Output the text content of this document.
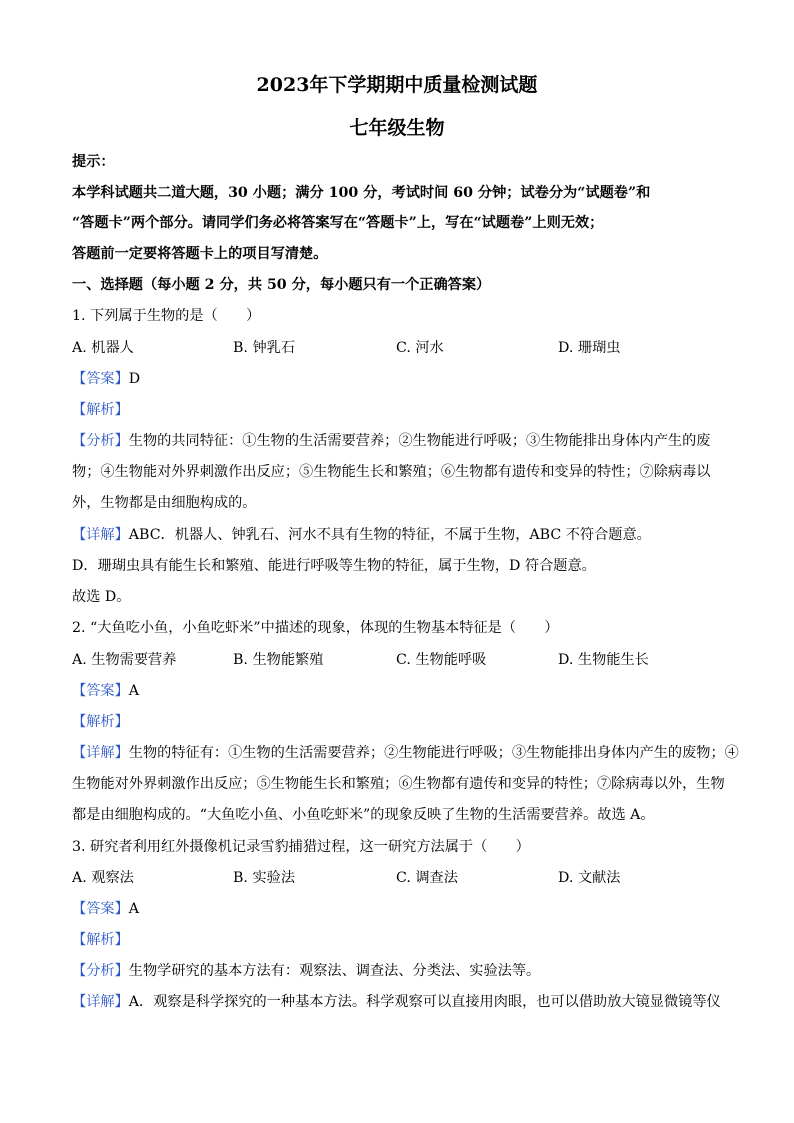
2023年下学期期中质量检测试题
七年级生物
提示：
本学科试题共二道大题，30 小题；满分 100 分，考试时间 60 分钟；试卷分为“试题卷”和
“答题卡”两个部分。请同学们务必将答案写在“答题卡”上，写在“试题卷”上则无效；
答题前一定要将答题卡上的项目写清楚。
一、选择题（每小题 2 分，共 50 分，每小题只有一个正确答案）
1. 下列属于生物的是（　　）
A. 机器人	B. 钟乳石	C. 河水	D. 珊瑚虫
【答案】D
【解析】
【分析】生物的共同特征：①生物的生活需要营养；②生物能进行呼吸；③生物能排出身体内产生的废
物；④生物能对外界刺激作出反应；⑤生物能生长和繁殖；⑥生物都有遗传和变异的特性；⑦除病毒以
外，生物都是由细胞构成的。
【详解】ABC．机器人、钟乳石、河水不具有生物的特征，不属于生物，ABC 不符合题意。
D．珊瑚虫具有能生长和繁殖、能进行呼吸等生物的特征，属于生物，D 符合题意。
故选 D。
2. “大鱼吃小鱼，小鱼吃虾米”中描述的现象，体现的生物基本特征是（　　）
A. 生物需要营养	B. 生物能繁殖	C. 生物能呼吸	D. 生物能生长
【答案】A
【解析】
【详解】生物的特征有：①生物的生活需要营养；②生物能进行呼吸；③生物能排出身体内产生的废物；④
生物能对外界刺激作出反应；⑤生物能生长和繁殖；⑥生物都有遗传和变异的特性；⑦除病毒以外，生物
都是由细胞构成的。“大鱼吃小鱼、小鱼吃虾米”的现象反映了生物的生活需要营养。故选 A。
3. 研究者利用红外摄像机记录雪豹捕猎过程，这一研究方法属于（　　）
A. 观察法	B. 实验法	C. 调查法	D. 文献法
【答案】A
【解析】
【分析】生物学研究的基本方法有：观察法、调查法、分类法、实验法等。
【详解】A．观察是科学探究的一种基本方法。科学观察可以直接用肉眼，也可以借助放大镜显微镜等仪
